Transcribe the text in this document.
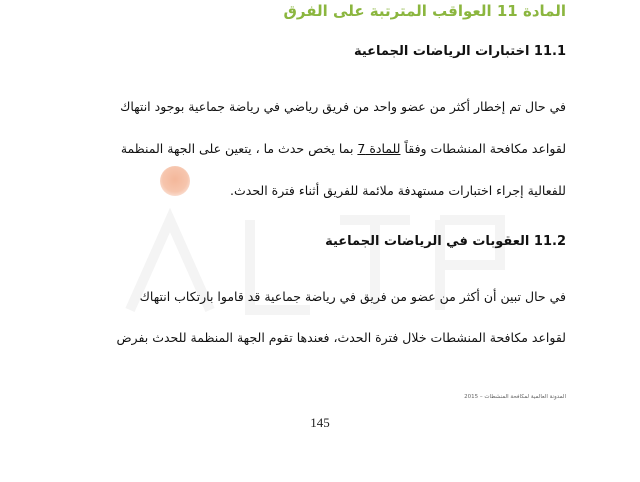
المادة 11 العواقب المترتبة على الفرق
11.1 اختبارات الرياضات الجماعية
في حال تم إخطار أكثر من عضو واحد من فريق رياضي في رياضة جماعية بوجود انتهاك
لقواعد مكافحة المنشطات وفقاً للمادة 7 بما يخص حدث ما ، يتعين على الجهة المنظمة
للفعالية إجراء اختبارات مستهدفة ملائمة للفريق أثناء فترة الحدث.
11.2 العقوبات في الرياضات الجماعية
في حال تبين أن أكثر من عضو من فريق في رياضة جماعية قد قاموا بارتكاب انتهاك
لقواعد مكافحة المنشطات خلال فترة الحدث، فعندها تقوم الجهة المنظمة للحدث بفرض
المدونة العالمية لمكافحة المنشطات – 2015
145
